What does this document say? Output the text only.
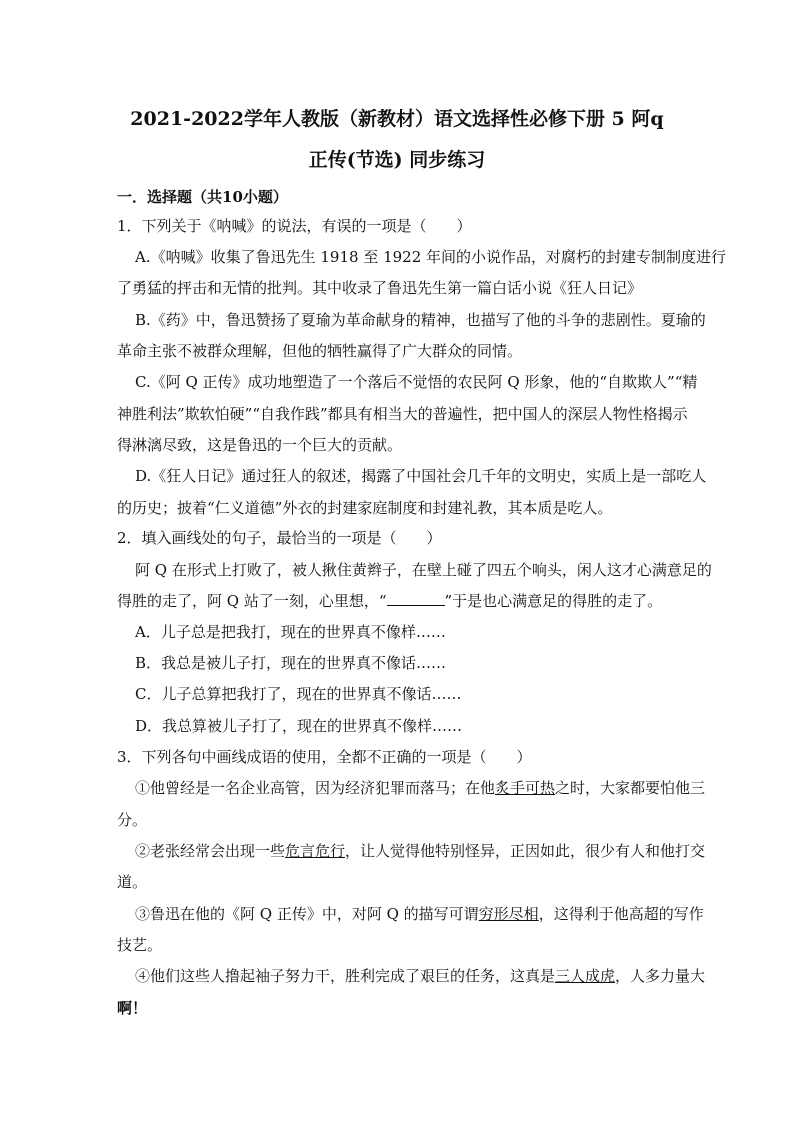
2021-2022学年人教版（新教材）语文选择性必修下册 5 阿q
正传(节选) 同步练习
一．选择题（共10小题）
1．下列关于《呐喊》的说法，有误的一项是（　　）
A.《呐喊》收集了鲁迅先生 1918 至 1922 年间的小说作品，对腐朽的封建专制制度进行
了勇猛的抨击和无情的批判。其中收录了鲁迅先生第一篇白话小说《狂人日记》
B.《药》中，鲁迅赞扬了夏瑜为革命献身的精神，也描写了他的斗争的悲剧性。夏瑜的
革命主张不被群众理解，但他的牺牲赢得了广大群众的同情。
C.《阿 Q 正传》成功地塑造了一个落后不觉悟的农民阿 Q 形象，他的“自欺欺人”“精
神胜利法”欺软怕硬”“自我作践”都具有相当大的普遍性，把中国人的深层人物性格揭示
得淋漓尽致，这是鲁迅的一个巨大的贡献。
D.《狂人日记》通过狂人的叙述，揭露了中国社会几千年的文明史，实质上是一部吃人
的历史；披着“仁义道德”外衣的封建家庭制度和封建礼教，其本质是吃人。
2．填入画线处的句子，最恰当的一项是（　　）
阿 Q 在形式上打败了，被人揪住黄辫子，在壁上碰了四五个响头，闲人这才心满意足的
得胜的走了，阿 Q 站了一刻，心里想，“	”于是也心满意足的得胜的走了。
A．儿子总是把我打，现在的世界真不像样……
B．我总是被儿子打，现在的世界真不像话……
C．儿子总算把我打了，现在的世界真不像话……
D．我总算被儿子打了，现在的世界真不像样……
3．下列各句中画线成语的使用，全都不正确的一项是（　　）
①他曾经是一名企业高管，因为经济犯罪而落马；在他炙手可热之时，大家都要怕他三
分。
②老张经常会出现一些危言危行，让人觉得他特别怪异，正因如此，很少有人和他打交
道。
③鲁迅在他的《阿 Q 正传》中，对阿 Q 的描写可谓穷形尽相，这得利于他高超的写作
技艺。
④他们这些人撸起袖子努力干，胜利完成了艰巨的任务，这真是三人成虎，人多力量大
啊！
